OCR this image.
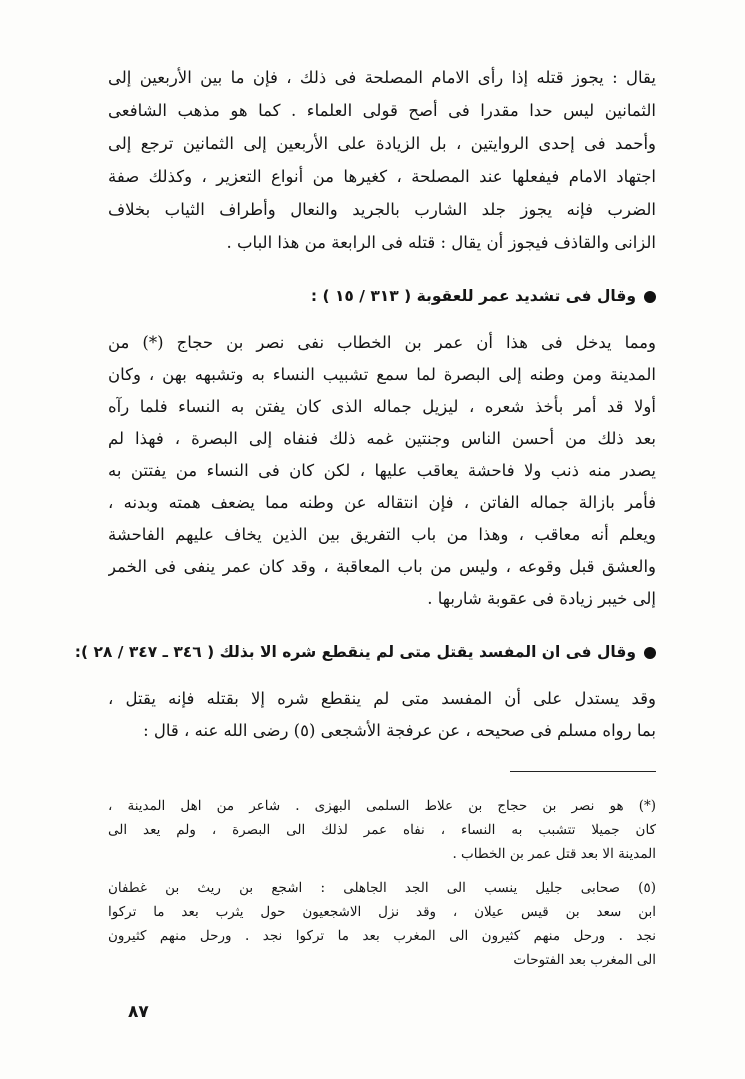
يقال : يجوز قتله إذا رأى الامام المصلحة فى ذلك ، فإن ما بين الأربعين إلى
الثمانين ليس حدا مقدرا فى أصح قولى العلماء . كما هو مذهب الشافعى
وأحمد فى إحدى الروايتين ، بل الزيادة على الأربعين إلى الثمانين ترجع إلى
اجتهاد الامام فيفعلها عند المصلحة ، كغيرها من أنواع التعزير ، وكذلك صفة
الضرب فإنه يجوز جلد الشارب بالجريد والنعال وأطراف الثياب بخلاف
الزانى والقاذف فيجوز أن يقال : قتله فى الرابعة من هذا الباب .
وقال فى تشديد عمر للعقوبة ( ٣١٣ / ١٥ ) :
ومما يدخل فى هذا أن عمر بن الخطاب نفى نصر بن حجاج (*) من
المدينة ومن وطنه إلى البصرة لما سمع تشبيب النساء به وتشبهه بهن ، وكان
أولا قد أمر بأخذ شعره ، ليزيل جماله الذى كان يفتن به النساء فلما رآه
بعد ذلك من أحسن الناس وجنتين غمه ذلك فنفاه إلى البصرة ، فهذا لم
يصدر منه ذنب ولا فاحشة يعاقب عليها ، لكن كان فى النساء من يفتتن به
فأمر بازالة جماله الفاتن ، فإن انتقاله عن وطنه مما يضعف همته وبدنه ،
ويعلم أنه معاقب ، وهذا من باب التفريق بين الذين يخاف عليهم الفاحشة
والعشق قبل وقوعه ، وليس من باب المعاقبة ، وقد كان عمر ينفى فى الخمر
إلى خيبر زيادة فى عقوبة شاربها .
وقال فى ان المفسد يقتل متى لم ينقطع شره الا بذلك ( ٣٤٦ ـ ٣٤٧ / ٢٨ ):
وقد يستدل على أن المفسد متى لم ينقطع شره إلا بقتله فإنه يقتل ،
بما رواه مسلم فى صحيحه ، عن عرفجة الأشجعى (٥) رضى الله عنه ، قال :
(*) هو نصر بن حجاج بن علاط السلمى البهزى . شاعر من اهل المدينة ،
كان جميلا تتشبب به النساء ، نفاه عمر لذلك الى البصرة ، ولم يعد الى
المدينة الا بعد قتل عمر بن الخطاب .
(٥) صحابى جليل ينسب الى الجد الجاهلى : اشجع بن ريث بن غطفان
ابن سعد بن قيس عيلان ، وقد نزل الاشجعيون حول يثرب بعد ما تركوا
نجد . ورحل منهم كثيرون الى المغرب بعد ما تركوا نجد . ورحل منهم كثيرون
الى المغرب بعد الفتوحات
٨٧
